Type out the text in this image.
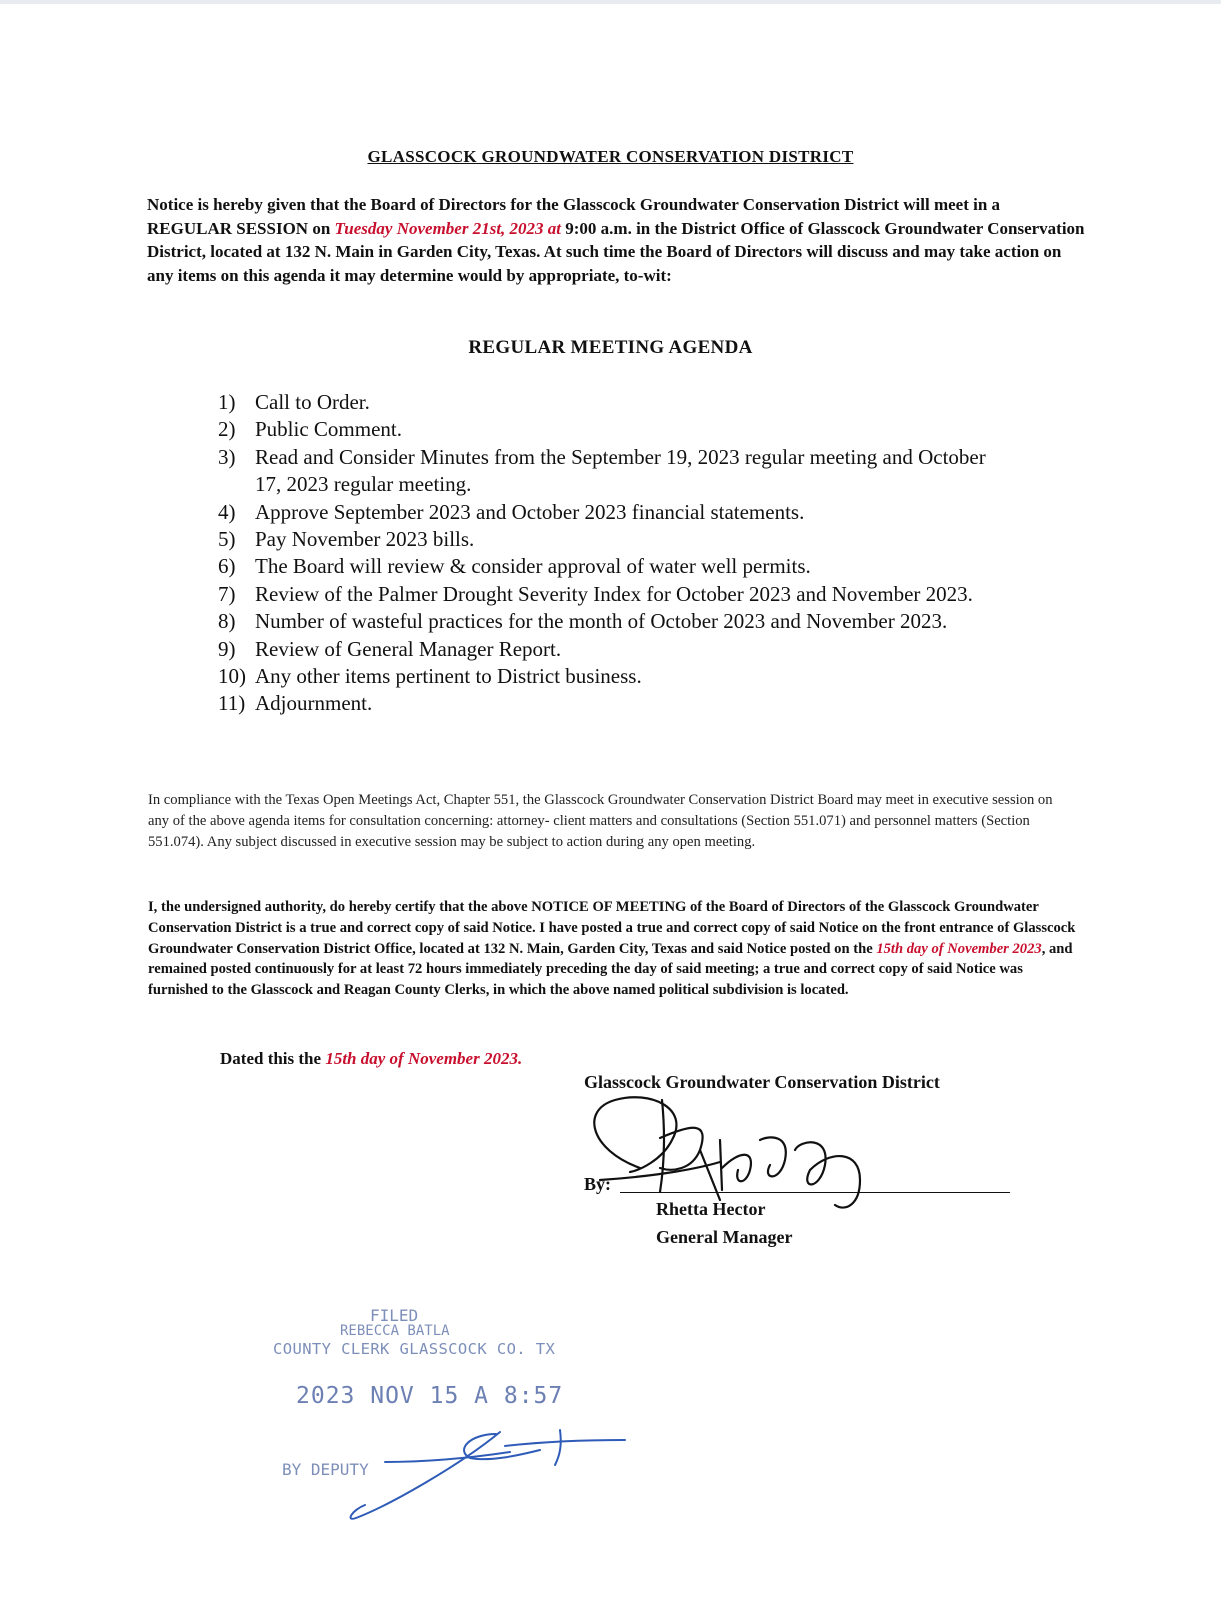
GLASSCOCK GROUNDWATER CONSERVATION DISTRICT
Notice is hereby given that the Board of Directors for the Glasscock Groundwater Conservation District will meet in a REGULAR SESSION on Tuesday November 21st, 2023 at 9:00 a.m. in the District Office of Glasscock Groundwater Conservation District, located at 132 N. Main in Garden City, Texas. At such time the Board of Directors will discuss and may take action on any items on this agenda it may determine would by appropriate, to-wit:
REGULAR MEETING AGENDA
1) Call to Order.
2) Public Comment.
3) Read and Consider Minutes from the September 19, 2023 regular meeting and October 17, 2023 regular meeting.
4) Approve September 2023 and October 2023 financial statements.
5) Pay November 2023 bills.
6) The Board will review & consider approval of water well permits.
7) Review of the Palmer Drought Severity Index for October 2023 and November 2023.
8) Number of wasteful practices for the month of October 2023 and November 2023.
9) Review of General Manager Report.
10) Any other items pertinent to District business.
11) Adjournment.
In compliance with the Texas Open Meetings Act, Chapter 551, the Glasscock Groundwater Conservation District Board may meet in executive session on any of the above agenda items for consultation concerning: attorney- client matters and consultations (Section 551.071) and personnel matters (Section 551.074). Any subject discussed in executive session may be subject to action during any open meeting.
I, the undersigned authority, do hereby certify that the above NOTICE OF MEETING of the Board of Directors of the Glasscock Groundwater Conservation District is a true and correct copy of said Notice. I have posted a true and correct copy of said Notice on the front entrance of Glasscock Groundwater Conservation District Office, located at 132 N. Main, Garden City, Texas and said Notice posted on the 15th day of November 2023, and remained posted continuously for at least 72 hours immediately preceding the day of said meeting; a true and correct copy of said Notice was furnished to the Glasscock and Reagan County Clerks, in which the above named political subdivision is located.
Dated this the 15th day of November 2023.
Glasscock Groundwater Conservation District
By:
Rhetta Hector
General Manager
FILED
REBECCA BATLA
COUNTY CLERK GLASSCOCK CO. TX
2023 NOV 15 A 8:57
BY DEPUTY
